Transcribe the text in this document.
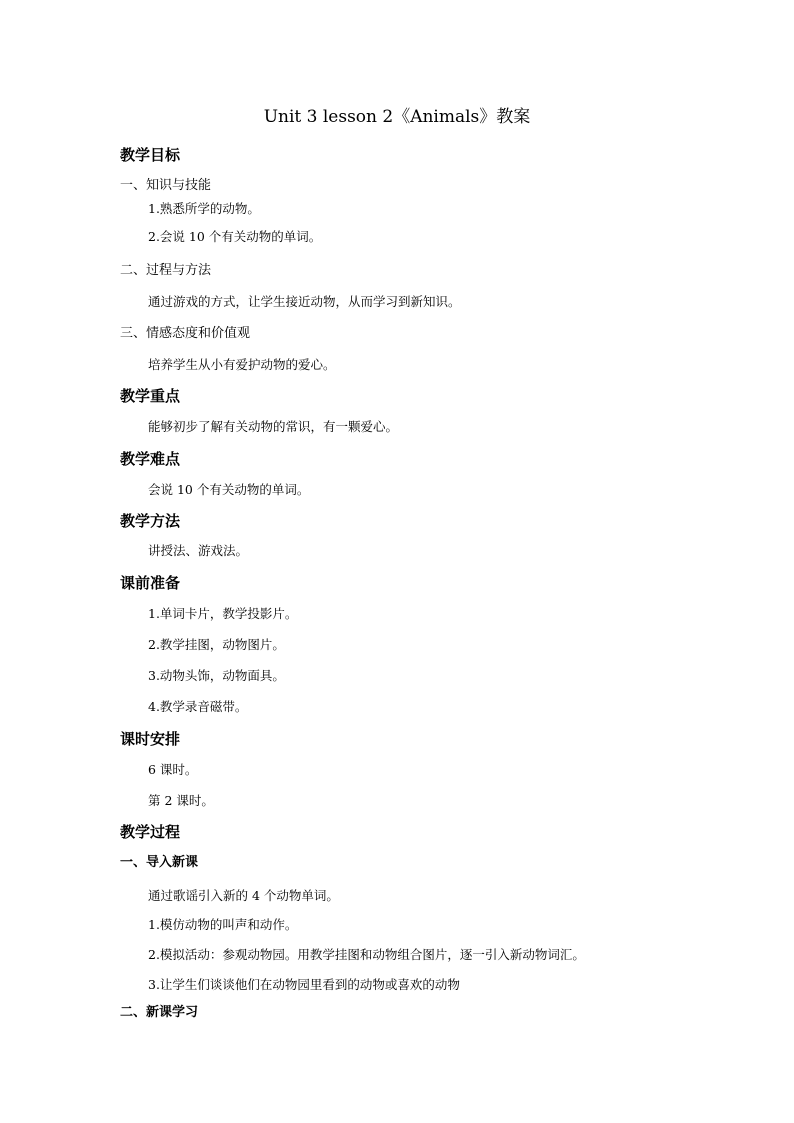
Unit 3 lesson 2《Animals》教案
教学目标
一、知识与技能
1.熟悉所学的动物。
2.会说 10 个有关动物的单词。
二、过程与方法
通过游戏的方式，让学生接近动物，从而学习到新知识。
三、情感态度和价值观
培养学生从小有爱护动物的爱心。
教学重点
能够初步了解有关动物的常识，有一颗爱心。
教学难点
会说 10 个有关动物的单词。
教学方法
讲授法、游戏法。
课前准备
1.单词卡片，教学投影片。
2.教学挂图，动物图片。
3.动物头饰，动物面具。
4.教学录音磁带。
课时安排
6 课时。
第 2 课时。
教学过程
一、导入新课
通过歌谣引入新的 4 个动物单词。
1.模仿动物的叫声和动作。
2.模拟活动：参观动物园。用教学挂图和动物组合图片，逐一引入新动物词汇。
3.让学生们谈谈他们在动物园里看到的动物或喜欢的动物
二、新课学习
